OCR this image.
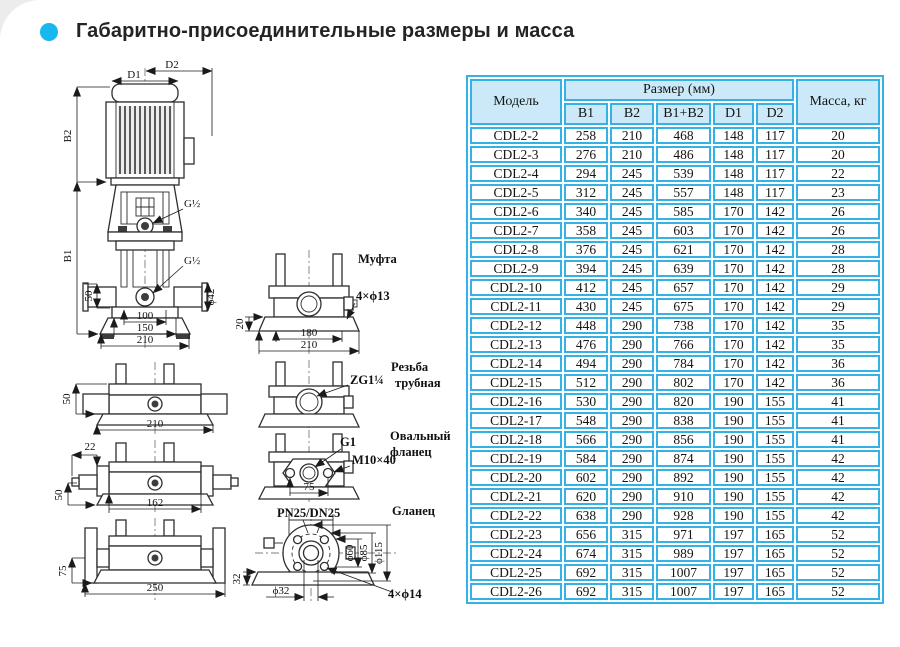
Габаритно-присоединительные размеры и масса
D2
D1
B2
B1
50	ϕ42
100
150
210
G½
G½
20
180
210
Муфта
4×ϕ13
50
210
ZG1¼
Резьба
трубная
22
50
162
75
G1
M10×40
Овальный
фланец
75
250
32
ϕ60 ϕ85 ϕ115
ϕ32	4×ϕ14
PN25/DN25	Gланец
Модель	Размер (мм)					Масса, кг
	B1	B2	B1+B2	D1	D2	
CDL2-2	258	210	468	148	117	20
CDL2-3	276	210	486	148	117	20
CDL2-4	294	245	539	148	117	22
CDL2-5	312	245	557	148	117	23
CDL2-6	340	245	585	170	142	26
CDL2-7	358	245	603	170	142	26
CDL2-8	376	245	621	170	142	28
CDL2-9	394	245	639	170	142	28
CDL2-10	412	245	657	170	142	29
CDL2-11	430	245	675	170	142	29
CDL2-12	448	290	738	170	142	35
CDL2-13	476	290	766	170	142	35
CDL2-14	494	290	784	170	142	36
CDL2-15	512	290	802	170	142	36
CDL2-16	530	290	820	190	155	41
CDL2-17	548	290	838	190	155	41
CDL2-18	566	290	856	190	155	41
CDL2-19	584	290	874	190	155	42
CDL2-20	602	290	892	190	155	42
CDL2-21	620	290	910	190	155	42
CDL2-22	638	290	928	190	155	42
CDL2-23	656	315	971	197	165	52
CDL2-24	674	315	989	197	165	52
CDL2-25	692	315	1007	197	165	52
CDL2-26	692	315	1007	197	165	52
